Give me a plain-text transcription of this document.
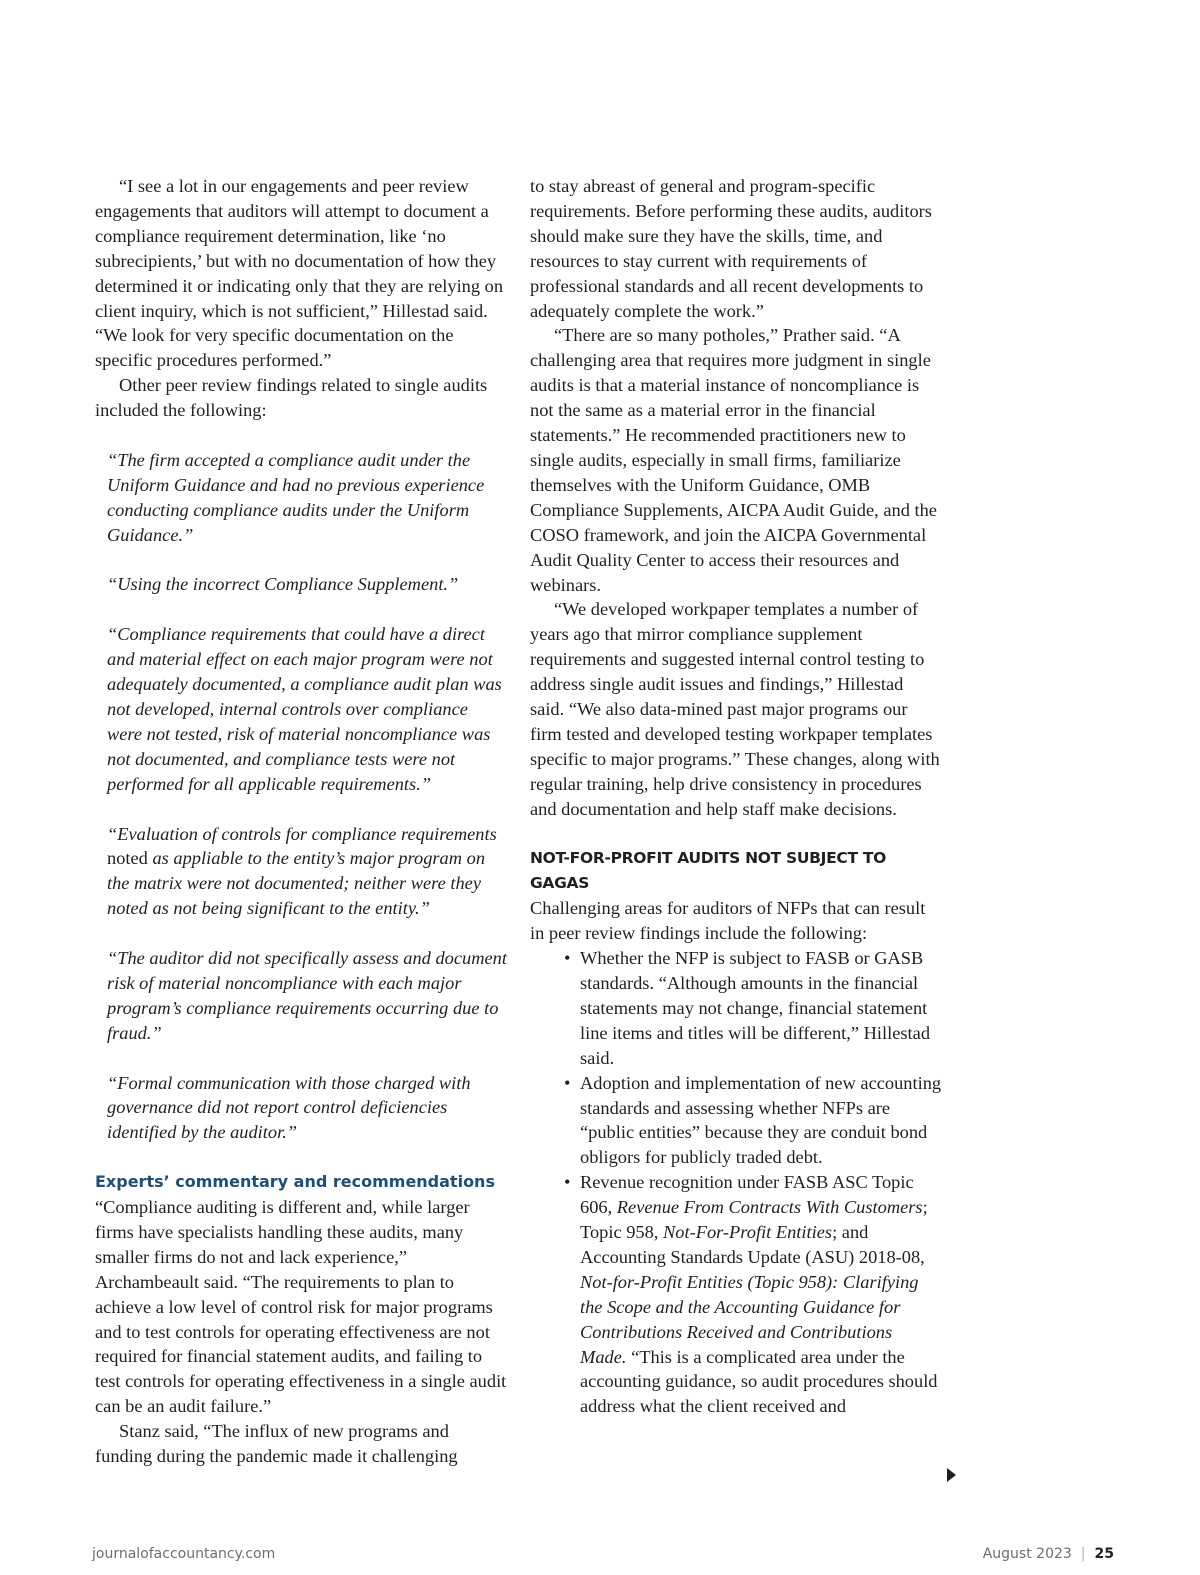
“I see a lot in our engagements and peer review engagements that auditors will attempt to document a compliance requirement determination, like ‘no subrecipients,’ but with no documentation of how they determined it or indicating only that they are relying on client inquiry, which is not sufficient,” Hillestad said. “We look for very specific documentation on the specific procedures performed.”

Other peer review findings related to single audits included the following:

“The firm accepted a compliance audit under the Uniform Guidance and had no previous experience conducting compliance audits under the Uniform Guidance.”

“Using the incorrect Compliance Supplement.”

“Compliance requirements that could have a direct and material effect on each major program were not adequately documented, a compliance audit plan was not developed, internal controls over compliance were not tested, risk of material noncompliance was not documented, and compliance tests were not performed for all applicable requirements.”

“Evaluation of controls for compliance requirements noted as appliable to the entity’s major program on the matrix were not documented; neither were they noted as not being significant to the entity.”

“The auditor did not specifically assess and document risk of material noncompliance with each major program’s compliance requirements occurring due to fraud.”

“Formal communication with those charged with governance did not report control deficiencies identified by the auditor.”

Experts’ commentary and recommendations

“Compliance auditing is different and, while larger firms have specialists handling these audits, many smaller firms do not and lack experience,” Archambeault said. “The requirements to plan to achieve a low level of control risk for major programs and to test controls for operating effectiveness are not required for financial statement audits, and failing to test controls for operating effectiveness in a single audit can be an audit failure.”

Stanz said, “The influx of new programs and funding during the pandemic made it challenging

to stay abreast of general and program-specific requirements. Before performing these audits, auditors should make sure they have the skills, time, and resources to stay current with requirements of professional standards and all recent developments to adequately complete the work.”

“There are so many potholes,” Prather said. “A challenging area that requires more judgment in single audits is that a material instance of noncompliance is not the same as a material error in the financial statements.” He recommended practitioners new to single audits, especially in small firms, familiarize themselves with the Uniform Guidance, OMB Compliance Supplements, AICPA Audit Guide, and the COSO framework, and join the AICPA Governmental Audit Quality Center to access their resources and webinars.

“We developed workpaper templates a number of years ago that mirror compliance supplement requirements and suggested internal control testing to address single audit issues and findings,” Hillestad said. “We also data-mined past major programs our firm tested and developed testing workpaper templates specific to major programs.” These changes, along with regular training, help drive consistency in procedures and documentation and help staff make decisions.

NOT-FOR-PROFIT AUDITS NOT SUBJECT TO GAGAS

Challenging areas for auditors of NFPs that can result in peer review findings include the following:

• Whether the NFP is subject to FASB or GASB standards. “Although amounts in the financial statements may not change, financial statement line items and titles will be different,” Hillestad said.
• Adoption and implementation of new accounting standards and assessing whether NFPs are “public entities” because they are conduit bond obligors for publicly traded debt.
• Revenue recognition under FASB ASC Topic 606, Revenue From Contracts With Customers; Topic 958, Not-For-Profit Entities; and Accounting Standards Update (ASU) 2018-08, Not-for-Profit Entities (Topic 958): Clarifying the Scope and the Accounting Guidance for Contributions Received and Contributions Made. “This is a complicated area under the accounting guidance, so audit procedures should address what the client received and
journalofaccountancy.com	August 2023 | 25
